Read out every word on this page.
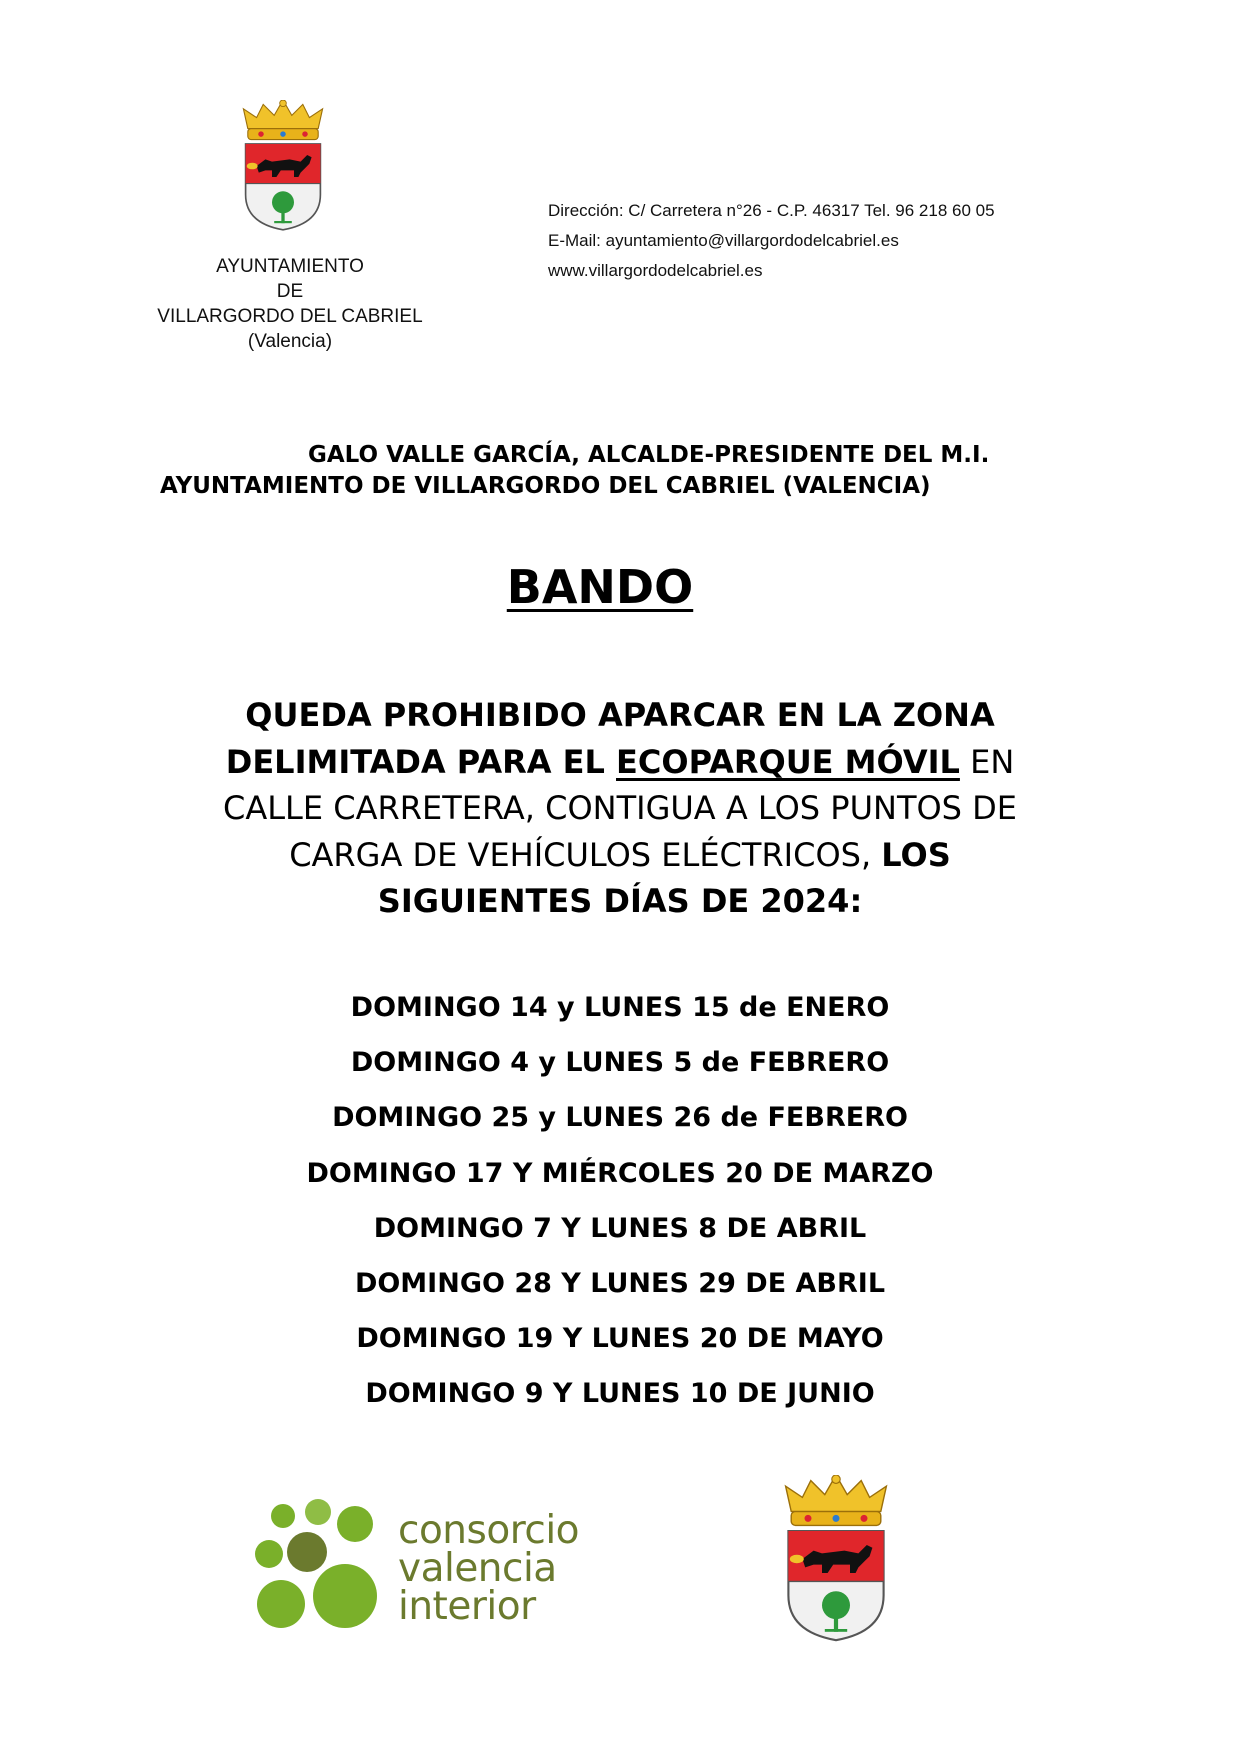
AYUNTAMIENTO
DE
VILLARGORDO DEL CABRIEL
(Valencia)
Dirección: C/ Carretera n°26 - C.P. 46317 Tel. 96 218 60 05
E-Mail: ayuntamiento@villargordodelcabriel.es
www.villargordodelcabriel.es
GALO VALLE GARCÍA, ALCALDE-PRESIDENTE DEL M.I.
AYUNTAMIENTO DE VILLARGORDO DEL CABRIEL (VALENCIA)
BANDO
QUEDA PROHIBIDO APARCAR EN LA ZONA
DELIMITADA PARA EL ECOPARQUE MÓVIL EN
CALLE CARRETERA, CONTIGUA A LOS PUNTOS DE
CARGA DE VEHÍCULOS ELÉCTRICOS, LOS
SIGUIENTES DÍAS DE 2024:
DOMINGO 14 y LUNES 15 de ENERO
DOMINGO 4 y LUNES 5 de FEBRERO
DOMINGO 25 y LUNES 26 de FEBRERO
DOMINGO 17 Y MIÉRCOLES 20 DE MARZO
DOMINGO 7 Y LUNES 8 DE ABRIL
DOMINGO 28 Y LUNES 29 DE ABRIL
DOMINGO 19 Y LUNES 20 DE MAYO
DOMINGO 9 Y LUNES 10 DE JUNIO
consorcio
valencia
interior
